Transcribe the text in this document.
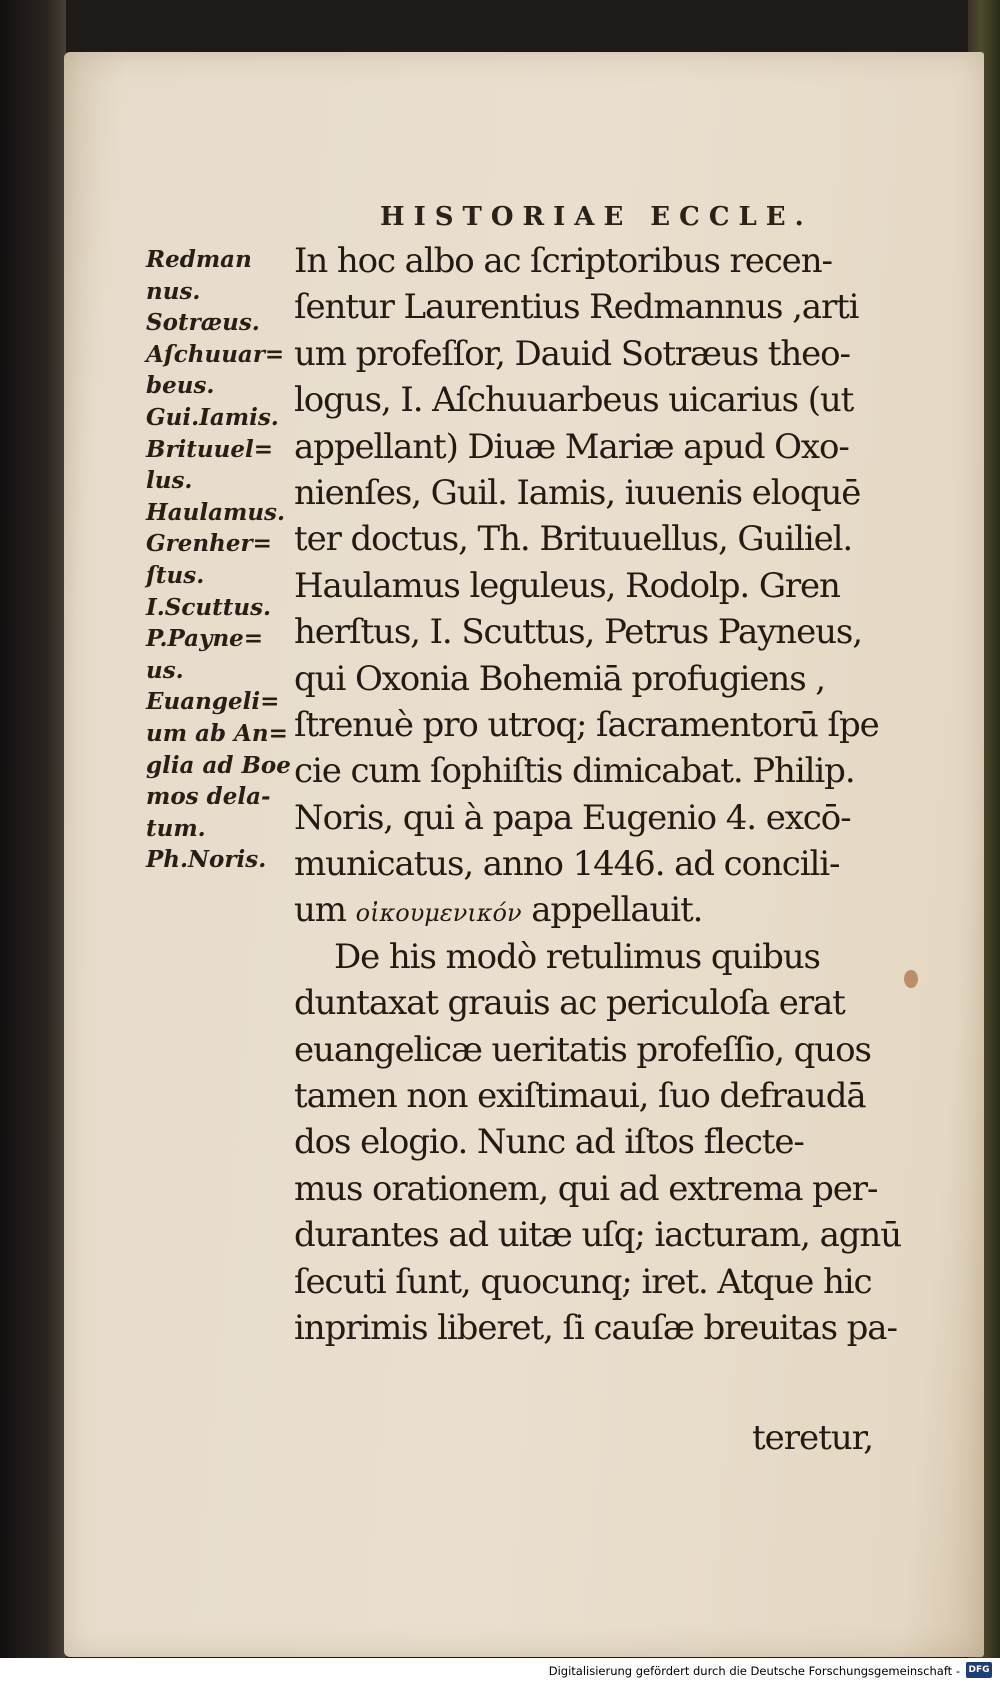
HISTORIAE ECCLE.
Redman
nus.
Sotræus.
Aſchuuar=
beus.
Gui.Iamis.
Brituuel=
lus.
Haulamus.
Grenher=
ſtus.
I.Scuttus.
P.Payne=
us.
Euangeli=
um ab An=
glia ad Boe
mos dela-
tum.
Ph.Noris.
In hoc albo ac ſcriptoribus recen-
ſentur Laurentius Redmannus ,arti
um profeſſor, Dauid Sotræus theo-
logus, I. Aſchuuarbeus uicarius (ut
appellant) Diuæ Mariæ apud Oxo-
nienſes, Guil. Iamis, iuuenis eloquē
ter doctus, Th. Brituuellus, Guiliel.
Haulamus leguleus, Rodolp. Gren
herſtus, I. Scuttus, Petrus Payneus,
qui Oxonia Bohemiā profugiens ,
ſtrenuè pro utroq; ſacramentorū ſpe
cie cum ſophiſtis dimicabat. Philip.
Noris, qui à papa Eugenio 4. excō-
municatus, anno 1446. ad concili-
um οἰκουμενικόν appellauit.
De his modò retulimus quibus
duntaxat grauis ac periculoſa erat
euangelicæ ueritatis profeſſio, quos
tamen non exiſtimaui, ſuo defraudā
dos elogio. Nunc ad iſtos flecte-
mus orationem, qui ad extrema per-
durantes ad uitæ uſq; iacturam, agnū
ſecuti ſunt, quocunq; iret. Atque hic
inprimis liberet, ſi cauſæ breuitas pa-
teretur,
Digitalisierung gefördert durch die Deutsche Forschungsgemeinschaft - DFG
